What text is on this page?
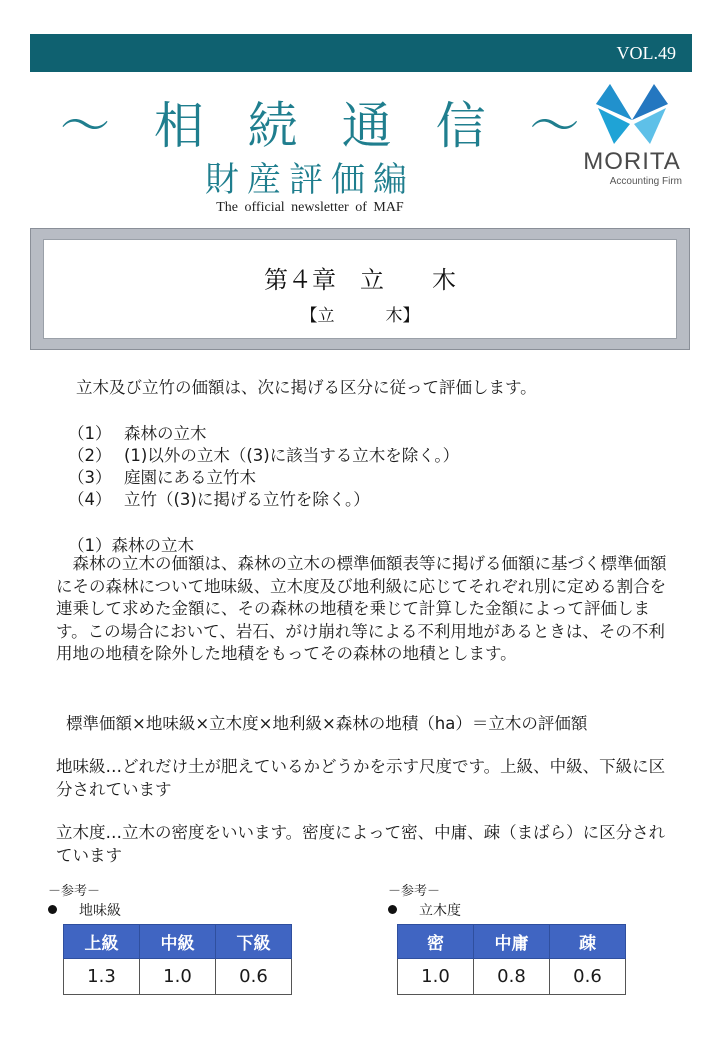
VOL.49
～ 相 続 通 信 ～
財産評価編
The official newsletter of MAF
MORITA
Accounting Firm
第４章　立　　木
【立　　　木】
立木及び立竹の価額は、次に掲げる区分に従って評価します。
（1） 森林の立木
（2） (1)以外の立木（(3)に該当する立木を除く。）
（3） 庭園にある立竹木
（4） 立竹（(3)に掲げる立竹を除く。）
（1）森林の立木
　森林の立木の価額は、森林の立木の標準価額表等に掲げる価額に基づく標準価額にその森林について地味級、立木度及び地利級に応じてそれぞれ別に定める割合を連乗して求めた金額に、その森林の地積を乗じて計算した金額によって評価します。この場合において、岩石、がけ崩れ等による不利用地があるときは、その不利用地の地積を除外した地積をもってその森林の地積とします。
標準価額×地味級×立木度×地利級×森林の地積（ha）＝立木の評価額
地味級…どれだけ土が肥えているかどうかを示す尺度です。上級、中級、下級に区分されています
立木度…立木の密度をいいます。密度によって密、中庸、疎（まばら）に区分されています
－参考－
地味級
上級	中級	下級
1.3	1.0	0.6
－参考－
立木度
密	中庸	疎
1.0	0.8	0.6
